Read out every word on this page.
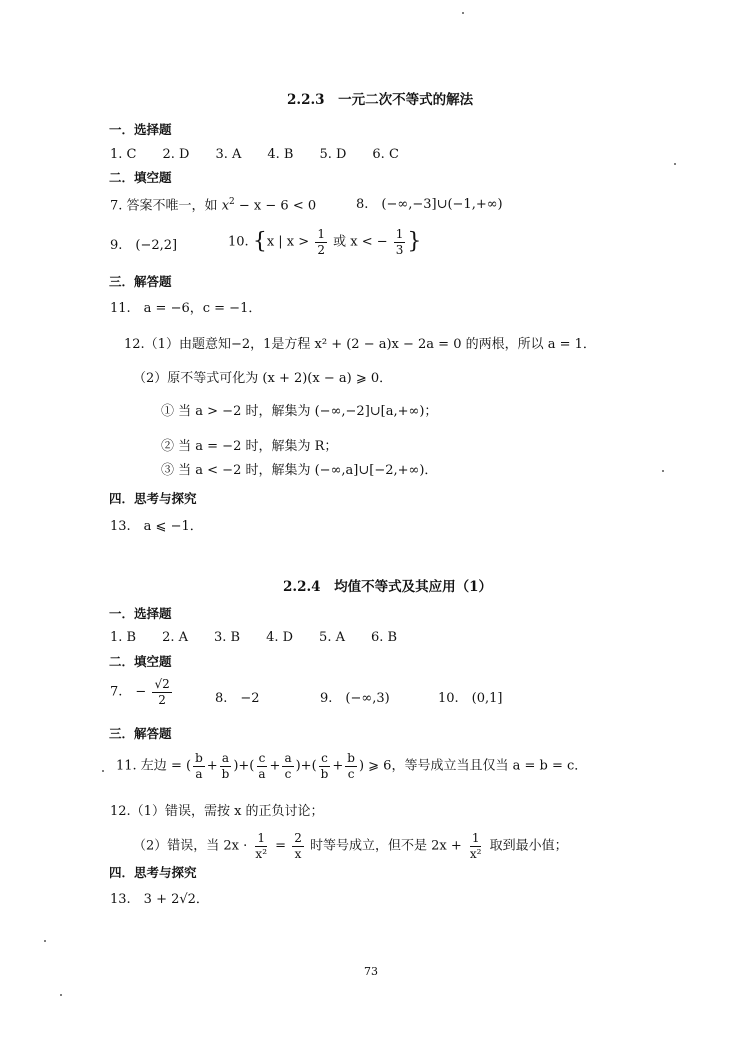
2.2.3　一元二次不等式的解法
一．选择题
1. C　　2. D　　3. A　　4. B　　5. D　　6. C
二．填空题
7. 答案不唯一，如 $x^2 - x - 6 < 0$	8.　(−∞,−3]∪(−1,+∞)
9.　(−2,2]	10. {x | $x > \frac{1}{2}$ 或 x < − $\frac{1}{3}$ }
三．解答题
11.　a = −6，c = −1．
12.（1）由题意知−2，1是方程 x² + (2 − a)x − 2a = 0 的两根，所以 a = 1．
（2）原不等式可化为 (x + 2)(x − a) ⩾ 0．
① 当 a > −2 时，解集为 (−∞,−2]∪[a,+∞)；
② 当 a = −2 时，解集为 R；
③ 当 a < −2 时，解集为 (−∞,a]∪[−2,+∞)．
四．思考与探究
13.　a ⩽ −1．
2.2.4　均值不等式及其应用（1）
一．选择题
1. B　　2. A　　3. B　　4. D　　5. A　　6. B
二．填空题
7.　− $\frac{√2}{2}$	8.　−2	9.　(−∞,3)	10.　(0,1]
三．解答题
11. 左边 = ( $\frac{b}{a} + \frac{a}{b}$ )+( $\frac{c}{a} + \frac{a}{c}$ )+( $\frac{c}{b} + \frac{b}{c}$ ) ⩾ 6，等号成立当且仅当 a = b = c．
12.（1）错误，需按 x 的正负讨论；
（2）错误，当 $2x \cdot \frac{1}{\text{x²}} = \frac{2}{x}$ 时等号成立，但不是 $2x + \frac{1}{\text{x²}}$ 取到最小值；
四．思考与探究
13.　3 + 2√2．
73
